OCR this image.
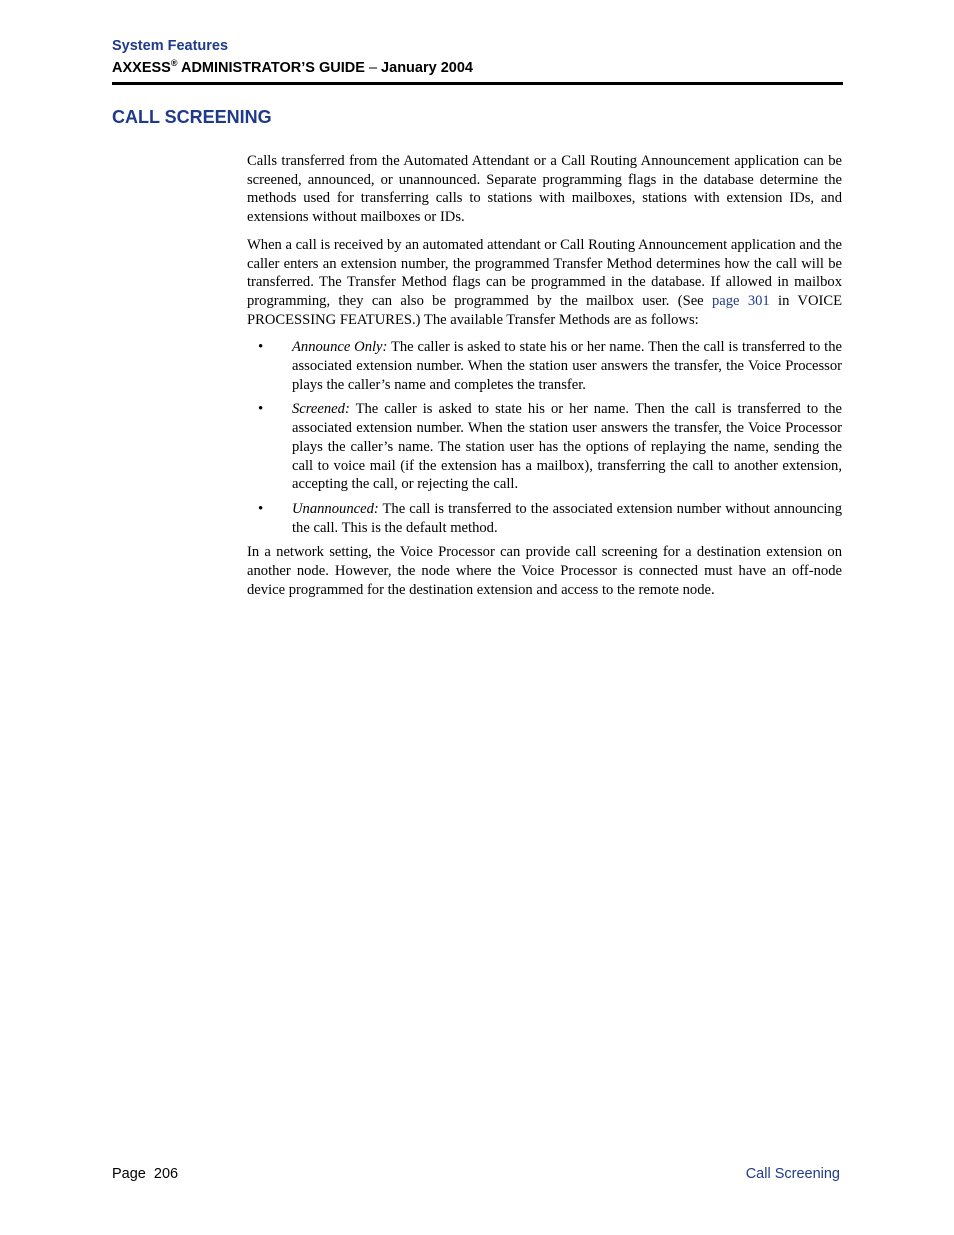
System Features
AXXESS® ADMINISTRATOR’S GUIDE – January 2004
CALL SCREENING

Calls transferred from the Automated Attendant or a Call Routing Announcement application can be screened, announced, or unannounced. Separate programming flags in the database determine the methods used for transferring calls to stations with mailboxes, stations with extension IDs, and extensions without mailboxes or IDs.

When a call is received by an automated attendant or Call Routing Announcement application and the caller enters an extension number, the programmed Transfer Method determines how the call will be transferred. The Transfer Method flags can be programmed in the database. If allowed in mailbox programming, they can also be programmed by the mailbox user. (See page 301 in VOICE PROCESSING FEATURES.) The available Transfer Methods are as follows:

• Announce Only: The caller is asked to state his or her name. Then the call is transferred to the associated extension number. When the station user answers the transfer, the Voice Processor plays the caller’s name and completes the transfer.
• Screened: The caller is asked to state his or her name. Then the call is transferred to the associated extension number. When the station user answers the transfer, the Voice Processor plays the caller’s name. The station user has the options of replaying the name, sending the call to voice mail (if the extension has a mailbox), transferring the call to another extension, accepting the call, or rejecting the call.
• Unannounced: The call is transferred to the associated extension number without announcing the call. This is the default method.

In a network setting, the Voice Processor can provide call screening for a destination extension on another node. However, the node where the Voice Processor is connected must have an off-node device programmed for the destination extension and access to the remote node.

Page  206	Call Screening
